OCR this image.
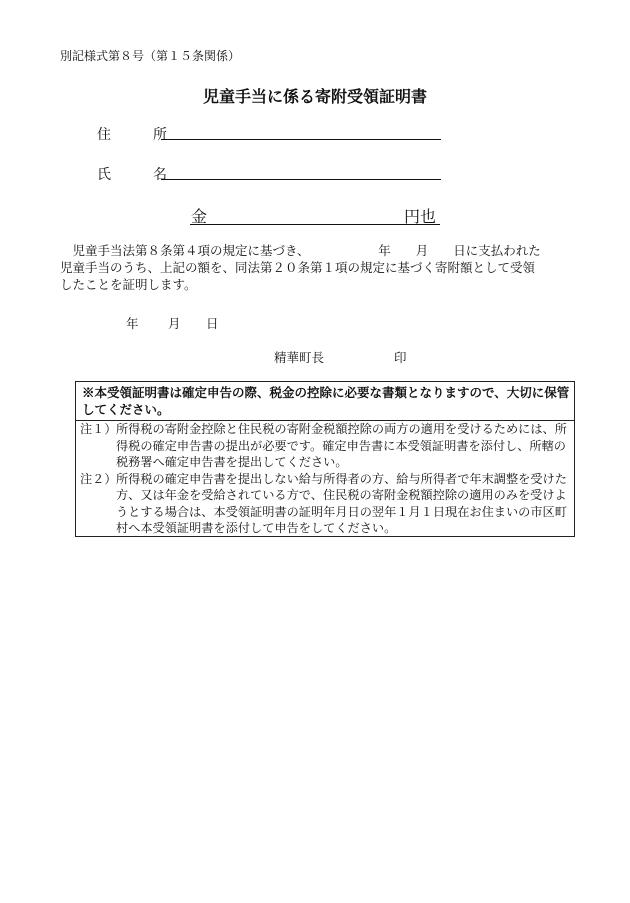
別記様式第８号（第１５条関係）
児童手当に係る寄附受領証明書
住　所
氏　名
金	円也

　児童手当法第８条第４項の規定に基づき、　　　　　　年　　月　　日に支払われた

児童手当のうち、上記の額を、同法第２０条第１項の規定に基づく寄附額として受領

したことを証明します。

年 月 日
精華町長	印
※本受領証明書は確定申告の際、税金の控除に必要な書類となりますので、大切に保管してください。
注１） 所得税の寄附金控除と住民税の寄附金税額控除の両方の適用を受けるためには、所得税の確定申告書の提出が必要です。確定申告書に本受領証明書を添付し、所轄の税務署へ確定申告書を提出してください。
注２） 所得税の確定申告書を提出しない給与所得者の方、給与所得者で年末調整を受けた方、又は年金を受給されている方で、住民税の寄附金税額控除の適用のみを受けようとする場合は、本受領証明書の証明年月日の翌年１月１日現在お住まいの市区町村へ本受領証明書を添付して申告をしてください。
